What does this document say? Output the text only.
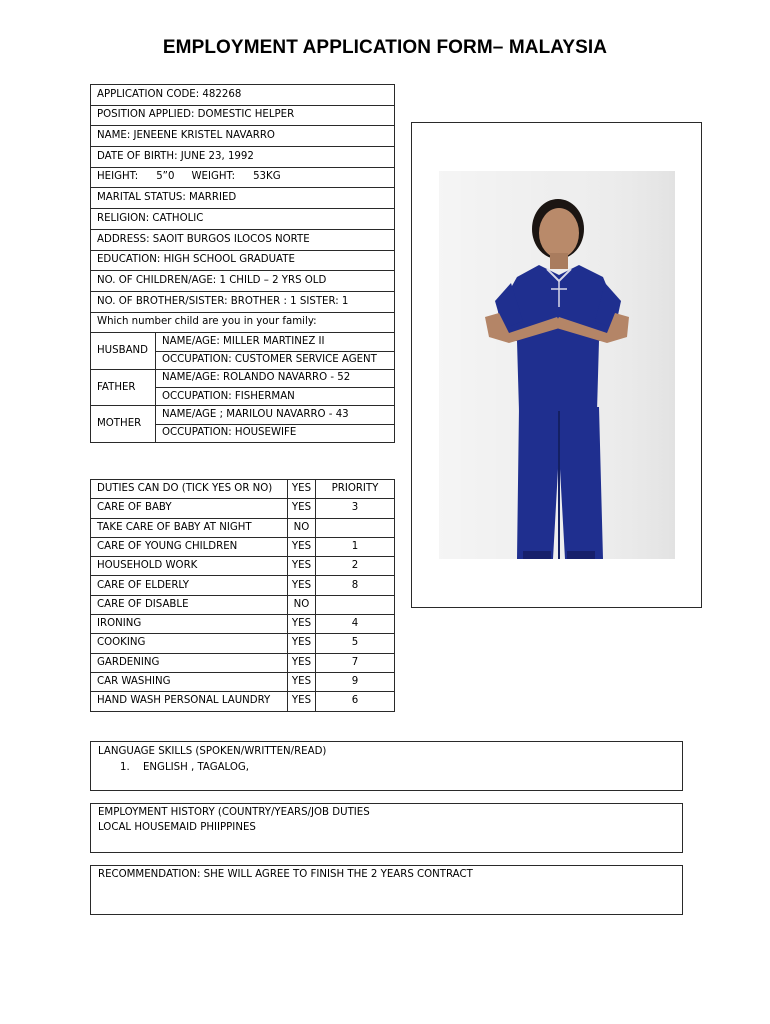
EMPLOYMENT APPLICATION FORM– MALAYSIA
APPLICATION CODE: 482268	
POSITION APPLIED: DOMESTIC HELPER	
NAME: JENEENE KRISTEL NAVARRO	
DATE OF BIRTH: JUNE 23, 1992	
HEIGHT: 5”0 WEIGHT: 53KG	
MARITAL STATUS: MARRIED	
RELIGION: CATHOLIC	
ADDRESS: SAOIT BURGOS ILOCOS NORTE	
EDUCATION: HIGH SCHOOL GRADUATE	
NO. OF CHILDREN/AGE: 1 CHILD – 2 YRS OLD	
NO. OF BROTHER/SISTER: BROTHER : 1 SISTER: 1	
Which number child are you in your family:	
HUSBAND	NAME/AGE: MILLER MARTINEZ II
	OCCUPATION: CUSTOMER SERVICE AGENT
FATHER	NAME/AGE: ROLANDO NAVARRO - 52
	OCCUPATION: FISHERMAN
MOTHER	NAME/AGE ; MARILOU NAVARRO - 43
	OCCUPATION: HOUSEWIFE
DUTIES CAN DO (TICK YES OR NO)	YES	PRIORITY
CARE OF BABY	YES	3
TAKE CARE OF BABY AT NIGHT	NO	
CARE OF YOUNG CHILDREN	YES	1
HOUSEHOLD WORK	YES	2
CARE OF ELDERLY	YES	8
CARE OF DISABLE	NO	
IRONING	YES	4
COOKING	YES	5
GARDENING	YES	7
CAR WASHING	YES	9
HAND WASH PERSONAL LAUNDRY	YES	6
LANGUAGE SKILLS (SPOKEN/WRITTEN/READ)
1. ENGLISH , TAGALOG,
EMPLOYMENT HISTORY (COUNTRY/YEARS/JOB DUTIES
LOCAL HOUSEMAID PHIIPPINES
RECOMMENDATION: SHE WILL AGREE TO FINISH THE 2 YEARS CONTRACT
